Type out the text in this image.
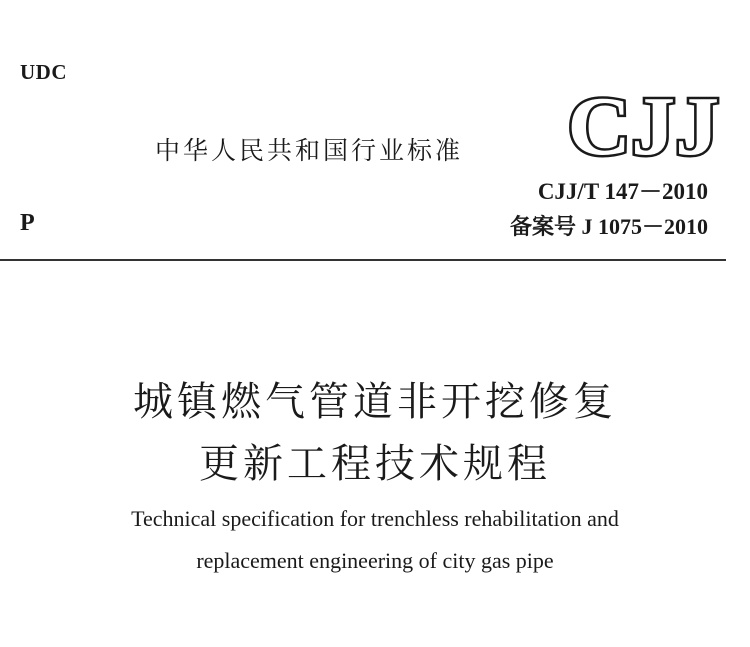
UDC
中华人民共和国行业标准 CJJ
CJJ/T 147－2010
备案号 J 1075－2010
P
城镇燃气管道非开挖修复
更新工程技术规程
Technical specification for trenchless rehabilitation and
replacement engineering of city gas pipe
